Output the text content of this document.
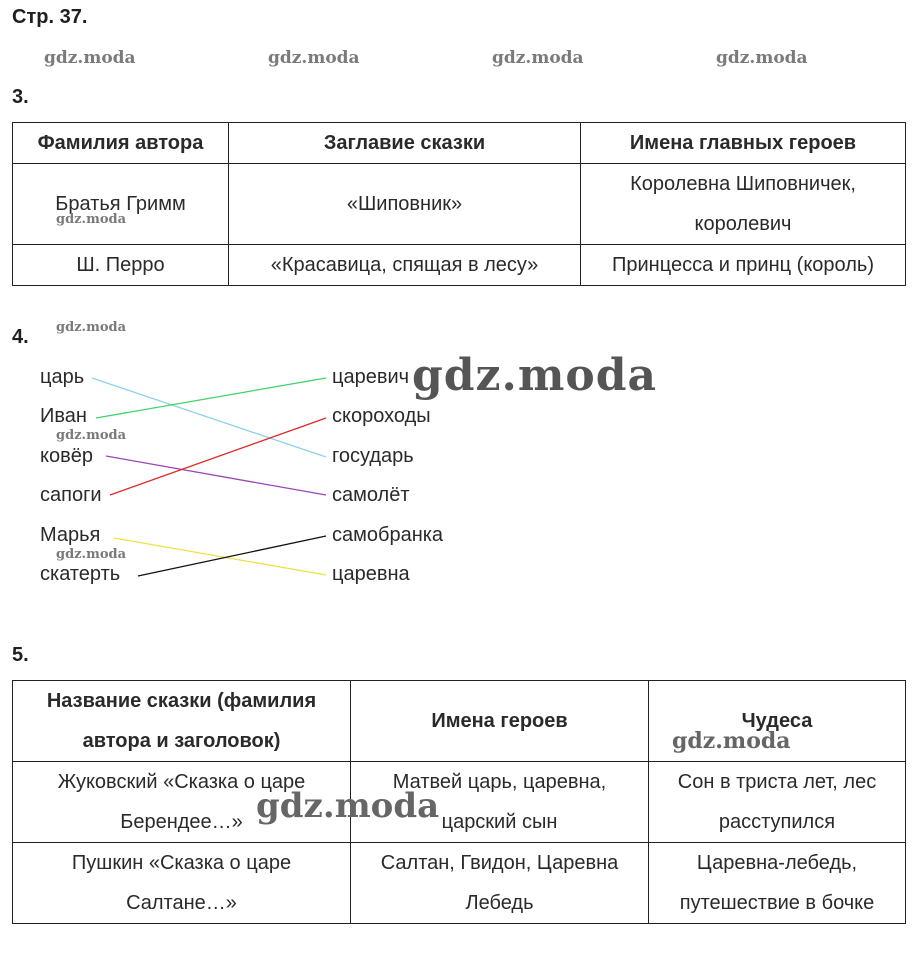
Стр. 37.
gdz.moda	gdz.moda	gdz.moda	gdz.moda
3.
Фамилия автора	Заглавие сказки	Имена главных героев
Братья Гримм	«Шиповник»	Королевна Шиповничек, королевич
Ш. Перро	«Красавица, спящая в лесу»	Принцесса и принц (король)
gdz.moda
4. gdz.moda
царь
Иван
ковёр
сапоги
Марья
скатерть
царевич
скороходы
государь
самолёт
самобранка
царевна
gdz.moda
gdz.moda
gdz.moda
5.
Название сказки (фамилия автора и заголовок)	Имена героев	Чудеса
Жуковский «Сказка о царе Берендее…»	Матвей царь, царевна, царский сын	Сон в триста лет, лес расступился
Пушкин «Сказка о царе Салтане…»	Салтан, Гвидон, Царевна Лебедь	Царевна-лебедь, путешествие в бочке
gdz.moda
gdz.moda
